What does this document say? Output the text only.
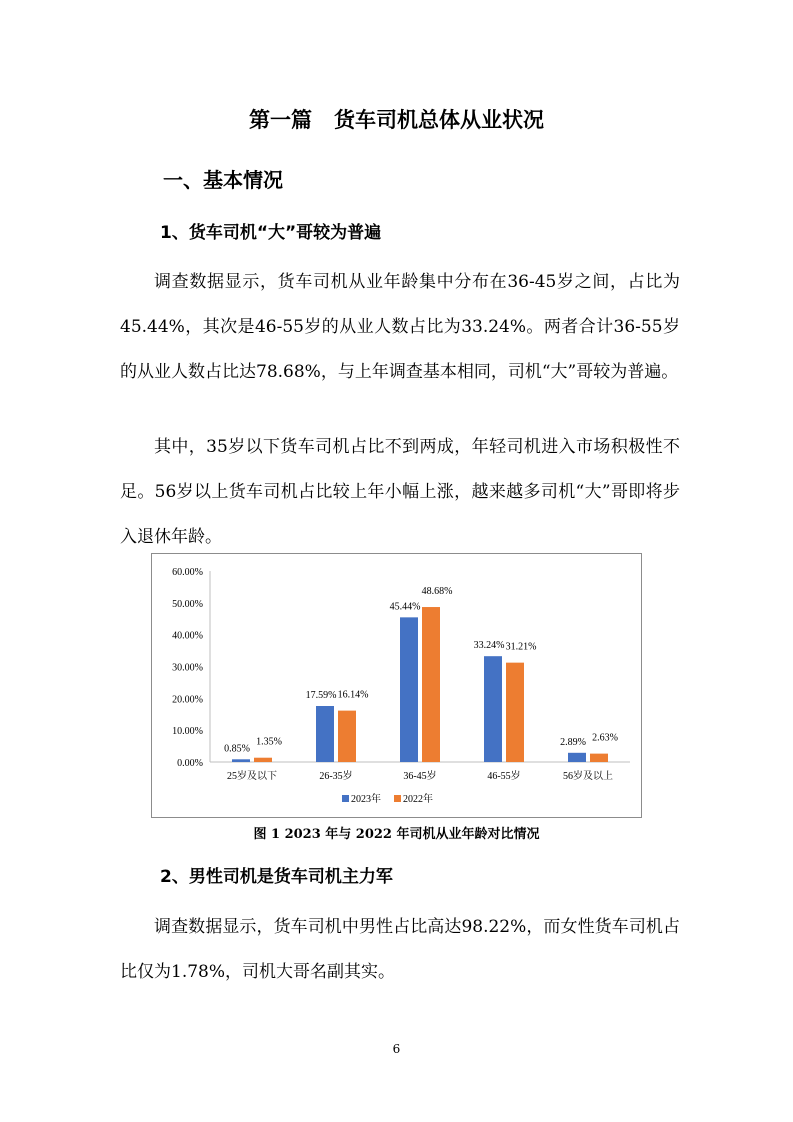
第一篇 货车司机总体从业状况
一、基本情况
1、货车司机“大”哥较为普遍

调查数据显示，货车司机从业年龄集中分布在36-45岁之间，占比为45.44%，其次是46-55岁的从业人数占比为33.24%。两者合计36-55岁的从业人数占比达78.68%，与上年调查基本相同，司机“大”哥较为普遍。

其中，35岁以下货车司机占比不到两成，年轻司机进入市场积极性不足。56岁以上货车司机占比较上年小幅上涨，越来越多司机“大”哥即将步入退休年龄。

0.00%
10.00%
20.00%
30.00%
40.00%
50.00%
60.00%
25岁及以下
0.85%
1.35%
26-35岁
17.59% 16.14%
36-45岁
45.44%
48.68%
46-55岁
33.24% 31.21%
56岁及以上
2.89% 2.63%
2023年 2022年
图 1 2023 年与 2022 年司机从业年龄对比情况
2、男性司机是货车司机主力军

调查数据显示，货车司机中男性占比高达98.22%，而女性货车司机占比仅为1.78%，司机大哥名副其实。

6
